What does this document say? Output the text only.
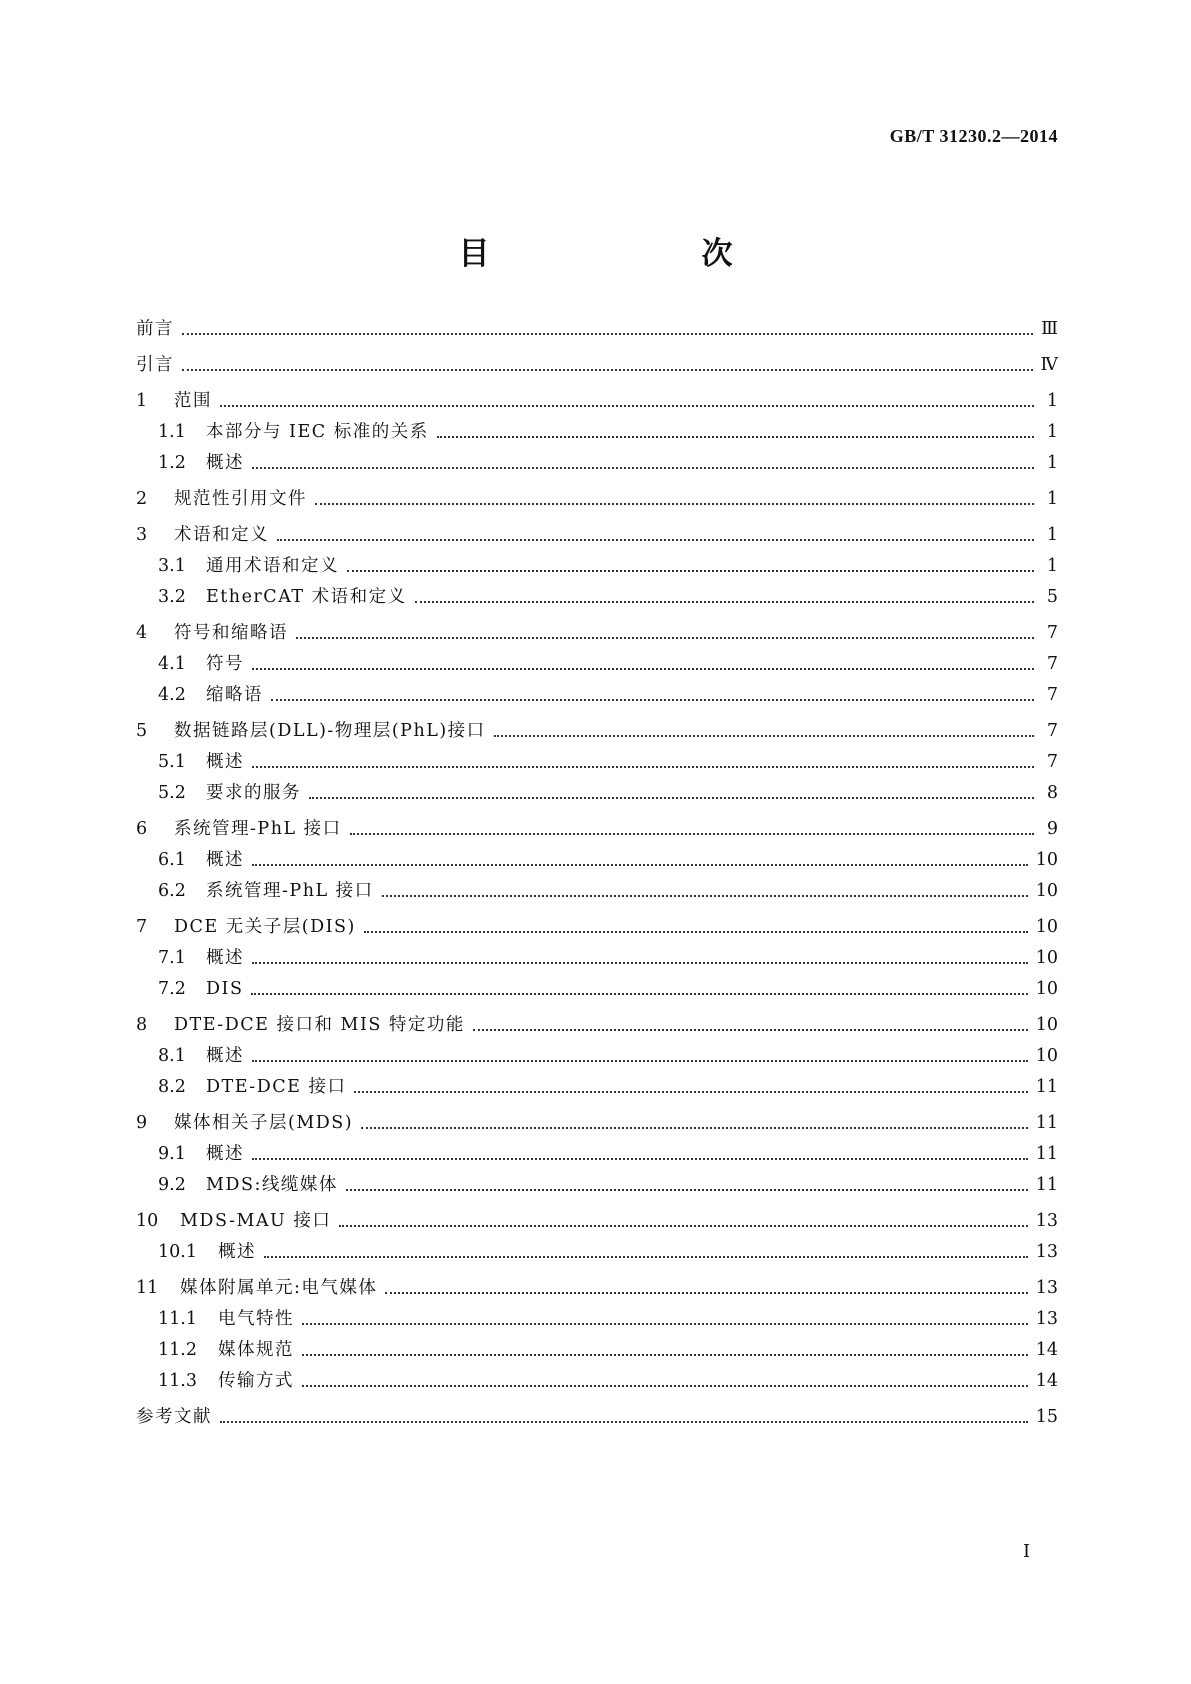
GB/T 31230.2—2014
目　　次
前言	Ⅲ
引言	Ⅳ
1	范围	1
1.1	本部分与 IEC 标准的关系	1
1.2	概述	1
2	规范性引用文件	1
3	术语和定义	1
3.1	通用术语和定义	1
3.2	EtherCAT 术语和定义	5
4	符号和缩略语	7
4.1	符号	7
4.2	缩略语	7
5	数据链路层(DLL)-物理层(PhL)接口	7
5.1	概述	7
5.2	要求的服务	8
6	系统管理-PhL 接口	9
6.1	概述	10
6.2	系统管理-PhL 接口	10
7	DCE 无关子层(DIS)	10
7.1	概述	10
7.2	DIS	10
8	DTE-DCE 接口和 MIS 特定功能	10
8.1	概述	10
8.2	DTE-DCE 接口	11
9	媒体相关子层(MDS)	11
9.1	概述	11
9.2	MDS:线缆媒体	11
10	MDS-MAU 接口	13
10.1	概述	13
11	媒体附属单元:电气媒体	13
11.1	电气特性	13
11.2	媒体规范	14
11.3	传输方式	14
参考文献	15
I
